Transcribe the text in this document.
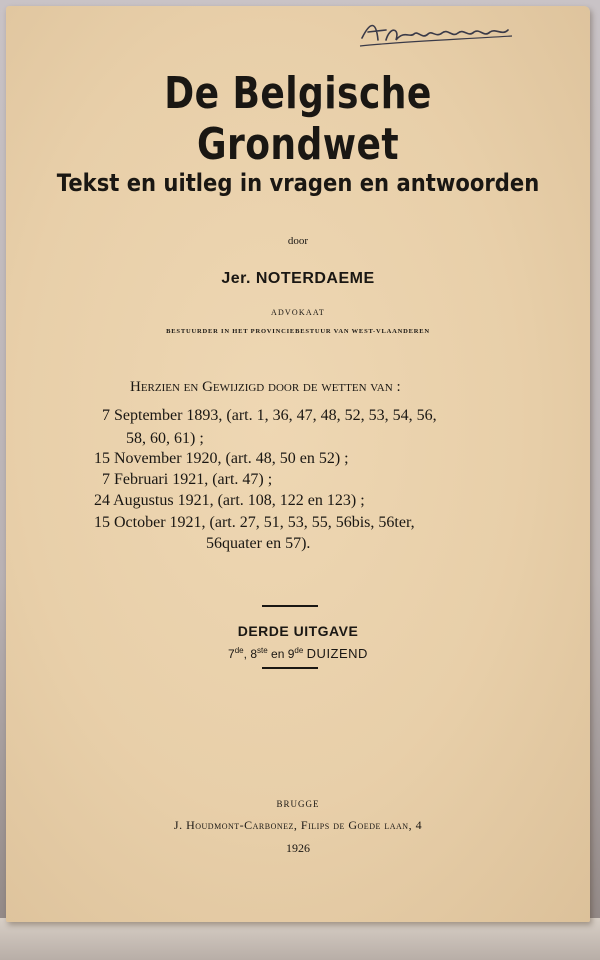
De Belgische Grondwet
Tekst en uitleg in vragen en antwoorden
door
Jer. NOTERDAEME
ADVOKAAT
BESTUURDER IN HET PROVINCIEBESTUUR VAN WEST-VLAANDEREN
Herzien en Gewijzigd door de wetten van :
7 September 1893, (art. 1, 36, 47, 48, 52, 53, 54, 56,
58, 60, 61) ;
15 November 1920, (art. 48, 50 en 52) ;
7 Februari 1921, (art. 47) ;
24 Augustus 1921, (art. 108, 122 en 123) ;
15 October 1921, (art. 27, 51, 53, 55, 56bis, 56ter,
56quater en 57).
DERDE UITGAVE
7de, 8ste en 9de DUIZEND
BRUGGE
J. Houdmont-Carbonez, Filips de Goede laan, 4
1926
